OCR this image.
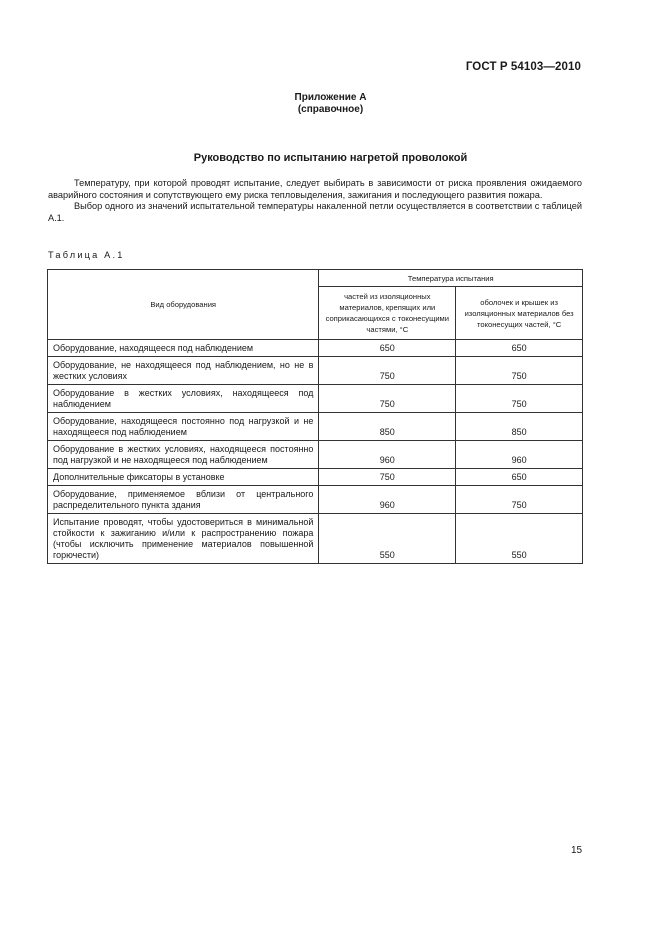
ГОСТ Р 54103—2010
Приложение А
(справочное)
Руководство по испытанию нагретой проволокой

Температуру, при которой проводят испытание, следует выбирать в зависимости от риска проявления ожидаемого аварийного состояния и сопутствующего ему риска тепловыделения, зажигания и последующего развития пожара.

Выбор одного из значений испытательной температуры накаленной петли осуществляется в соответствии с таблицей А.1.

Таблица А.1
Вид оборудования	Температура испытания	
	частей из изоляционных материалов, крепящих или соприкасающихся с токонесущими частями, °С	оболочек и крышек из изоляционных материалов без токонесущих частей, °С
Оборудование, находящееся под наблюдением	650	650
Оборудование, не находящееся под наблюдением, но не в жестких условиях	750	750
Оборудование в жестких условиях, находящееся под наблюдением	750	750
Оборудование, находящееся постоянно под нагрузкой и не находящееся под наблюдением	850	850
Оборудование в жестких условиях, находящееся постоянно под нагрузкой и не находящееся под наблюдением	960	960
Дополнительные фиксаторы в установке	750	650
Оборудование, применяемое вблизи от центрального распределительного пункта здания	960	750
Испытание проводят, чтобы удостовериться в минимальной стойкости к зажиганию и/или к распространению пожара (чтобы исключить применение материалов повышенной горючести)	550	550
15
